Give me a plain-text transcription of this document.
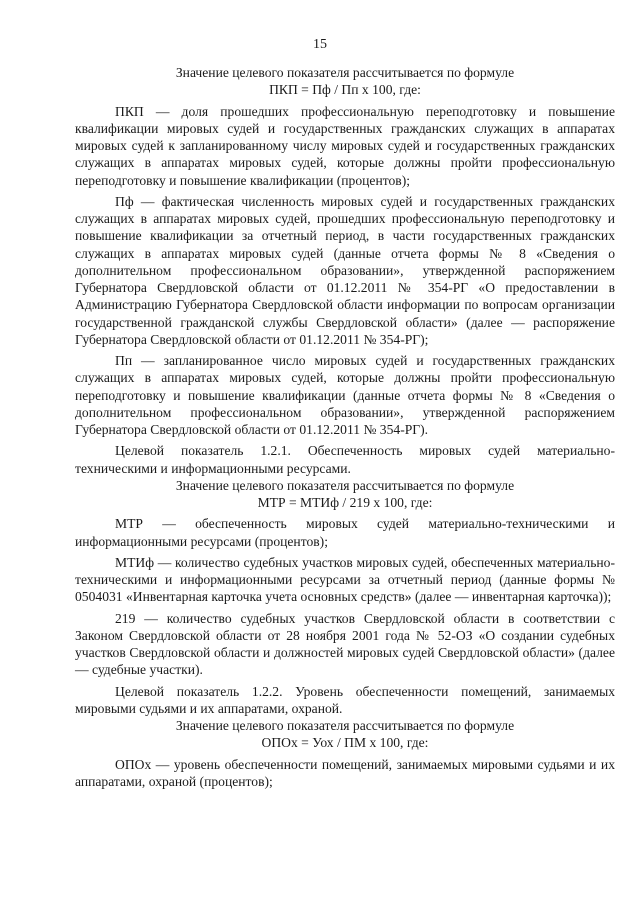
15

Значение целевого показателя рассчитывается по формуле

ПКП = Пф / Пп х 100, где:

ПКП — доля прошедших профессиональную переподготовку и повышение квалификации мировых судей и государственных гражданских служащих в аппаратах мировых судей к запланированному числу мировых судей и государственных гражданских служащих в аппаратах мировых судей, которые должны пройти профессиональную переподготовку и повышение квалификации (процентов);

Пф — фактическая численность мировых судей и государственных гражданских служащих в аппаратах мировых судей, прошедших профессиональную переподготовку и повышение квалификации за отчетный период, в части государственных гражданских служащих в аппаратах мировых судей (данные отчета формы № 8 «Сведения о дополнительном профессиональном образовании», утвержденной распоряжением Губернатора Свердловской области от 01.12.2011 № 354-РГ «О предоставлении в Администрацию Губернатора Свердловской области информации по вопросам организации государственной гражданской службы Свердловской области» (далее — распоряжение Губернатора Свердловской области от 01.12.2011 № 354-РГ);

Пп — запланированное число мировых судей и государственных гражданских служащих в аппаратах мировых судей, которые должны пройти профессиональную переподготовку и повышение квалификации (данные отчета формы № 8 «Сведения о дополнительном профессиональном образовании», утвержденной распоряжением Губернатора Свердловской области от 01.12.2011 № 354-РГ).

Целевой показатель 1.2.1. Обеспеченность мировых судей материально-техническими и информационными ресурсами.

Значение целевого показателя рассчитывается по формуле

МТР = МТИф / 219 х 100, где:

МТР — обеспеченность мировых судей материально-техническими и информационными ресурсами (процентов);

МТИф — количество судебных участков мировых судей, обеспеченных материально-техническими и информационными ресурсами за отчетный период (данные формы № 0504031 «Инвентарная карточка учета основных средств» (далее — инвентарная карточка));

219 — количество судебных участков Свердловской области в соответствии с Законом Свердловской области от 28 ноября 2001 года № 52-ОЗ «О создании судебных участков Свердловской области и должностей мировых судей Свердловской области» (далее — судебные участки).

Целевой показатель 1.2.2. Уровень обеспеченности помещений, занимаемых мировыми судьями и их аппаратами, охраной.

Значение целевого показателя рассчитывается по формуле

ОПОх = Уох / ПМ х 100, где:

ОПОх — уровень обеспеченности помещений, занимаемых мировыми судьями и их аппаратами, охраной (процентов);
